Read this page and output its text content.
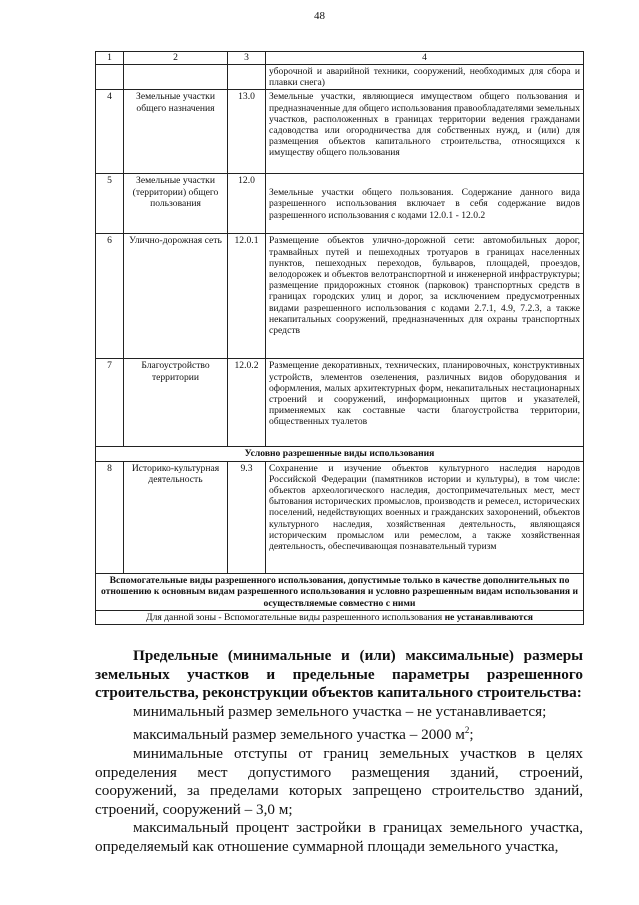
48
1	2	3	4
			уборочной и аварийной техники, сооружений, необходимых для сбора и плавки снега)
4	Земельные участки общего назначения	13.0	Земельные участки, являющиеся имуществом общего пользования и предназначенные для общего использования правообладателями земельных участков, расположенных в границах территории ведения гражданами садоводства или огородничества для собственных нужд, и (или) для размещения объектов капитального строительства, относящихся к имуществу общего пользования
5	Земельные участки (территории) общего пользования	12.0	Земельные участки общего пользования. Содержание данного вида разрешенного использования включает в себя содержание видов разрешенного использования с кодами 12.0.1 - 12.0.2
6	Улично-дорожная сеть	12.0.1	Размещение объектов улично-дорожной сети: автомобильных дорог, трамвайных путей и пешеходных тротуаров в границах населенных пунктов, пешеходных переходов, бульваров, площадей, проездов, велодорожек и объектов велотранспортной и инженерной инфраструктуры; размещение придорожных стоянок (парковок) транспортных средств в границах городских улиц и дорог, за исключением предусмотренных видами разрешенного использования с кодами 2.7.1, 4.9, 7.2.3, а также некапитальных сооружений, предназначенных для охраны транспортных средств
7	Благоустройство территории	12.0.2	Размещение декоративных, технических, планировочных, конструктивных устройств, элементов озеленения, различных видов оборудования и оформления, малых архитектурных форм, некапитальных нестационарных строений и сооружений, информационных щитов и указателей, применяемых как составные части благоустройства территории, общественных туалетов
Условно разрешенные виды использования			
8	Историко-культурная деятельность	9.3	Сохранение и изучение объектов культурного наследия народов Российской Федерации (памятников истории и культуры), в том числе: объектов археологического наследия, достопримечательных мест, мест бытования исторических промыслов, производств и ремесел, исторических поселений, недействующих военных и гражданских захоронений, объектов культурного наследия, хозяйственная деятельность, являющаяся историческим промыслом или ремеслом, а также хозяйственная деятельность, обеспечивающая познавательный туризм
Вспомогательные виды разрешенного использования, допустимые только в качестве дополнительных по отношению к основным видам разрешенного использования и условно разрешенным видам использования и осуществляемые совместно с ними			
Для данной зоны - Вспомогательные виды разрешенного использования не устанавливаются			

Предельные (минимальные и (или) максимальные) размеры земельных участков и предельные параметры разрешенного строительства, реконструкции объектов капитального строительства:

минимальный размер земельного участка – не устанавливается;

максимальный размер земельного участка – 2000 $м^2$;

минимальные отступы от границ земельных участков в целях определения мест допустимого размещения зданий, строений, сооружений, за пределами которых запрещено строительство зданий, строений, сооружений – 3,0 м;

максимальный процент застройки в границах земельного участка, определяемый как отношение суммарной площади земельного участка,
